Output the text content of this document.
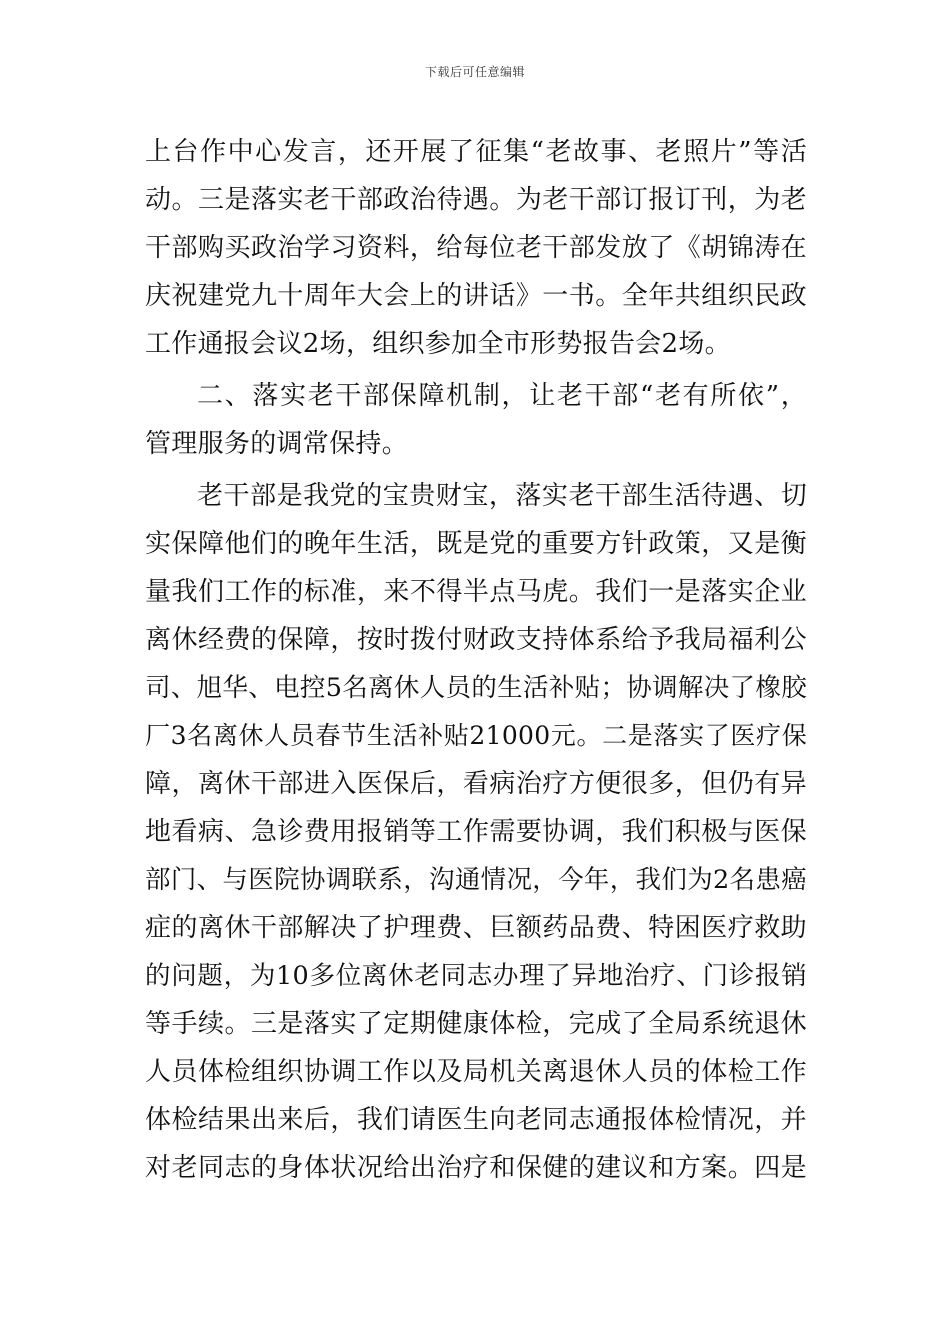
下载后可任意编辑
上台作中心发言，还开展了征集“老故事、老照片”等活
动。三是落实老干部政治待遇。为老干部订报订刊，为老
干部购买政治学习资料，给每位老干部发放了《胡锦涛在
庆祝建党九十周年大会上的讲话》一书。全年共组织民政
工作通报会议2场，组织参加全市形势报告会2场。
二、落实老干部保障机制，让老干部“老有所依”，
管理服务的调常保持。
老干部是我党的宝贵财宝，落实老干部生活待遇、切
实保障他们的晚年生活，既是党的重要方针政策，又是衡
量我们工作的标准，来不得半点马虎。我们一是落实企业
离休经费的保障，按时拨付财政支持体系给予我局福利公
司、旭华、电控5名离休人员的生活补贴；协调解决了橡胶
厂3名离休人员春节生活补贴21000元。二是落实了医疗保
障，离休干部进入医保后，看病治疗方便很多，但仍有异
地看病、急诊费用报销等工作需要协调，我们积极与医保
部门、与医院协调联系，沟通情况，今年，我们为2名患癌
症的离休干部解决了护理费、巨额药品费、特困医疗救助
的问题，为10多位离休老同志办理了异地治疗、门诊报销
等手续。三是落实了定期健康体检，完成了全局系统退休
人员体检组织协调工作以及局机关离退休人员的体检工作
体检结果出来后，我们请医生向老同志通报体检情况，并
对老同志的身体状况给出治疗和保健的建议和方案。四是
